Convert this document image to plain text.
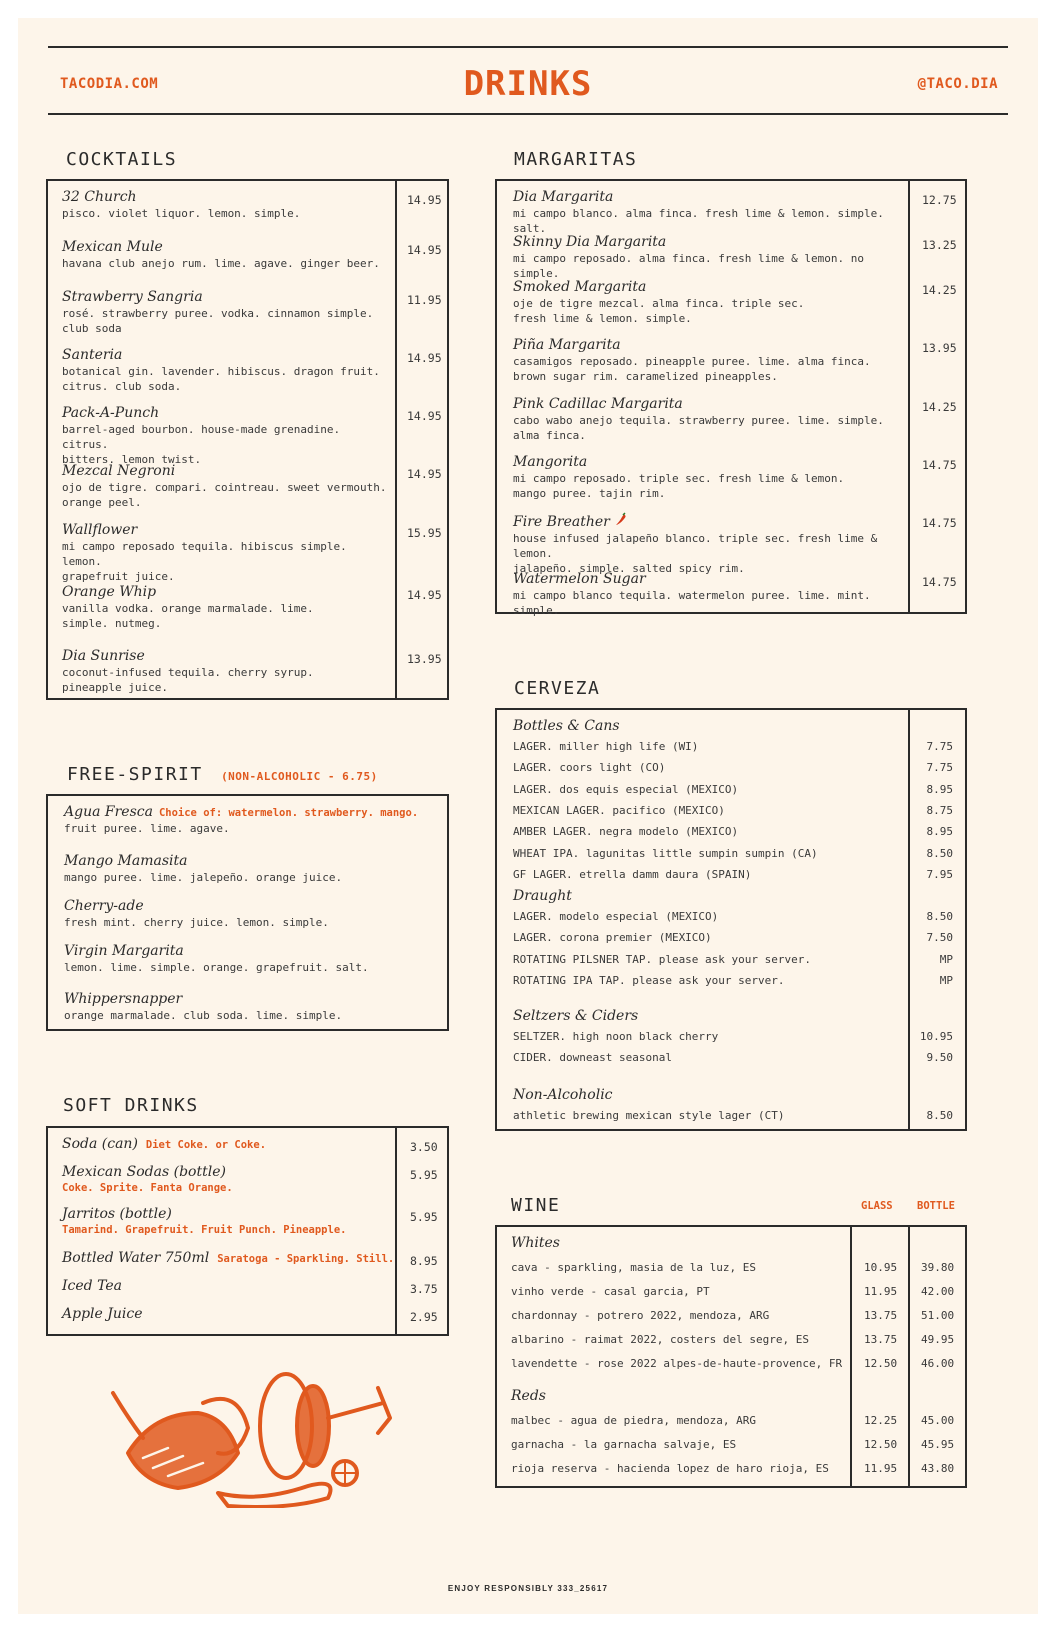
TACODIA.COM	DRINKS	@TACO.DIA
COCKTAILS
32 Church
pisco. violet liquor. lemon. simple.
14.95
Mexican Mule
havana club anejo rum. lime. agave. ginger beer.
14.95
Strawberry Sangria
rosé. strawberry puree. vodka. cinnamon simple.
club soda
11.95
Santeria
botanical gin. lavender. hibiscus. dragon fruit.
citrus. club soda.
14.95
Pack-A-Punch
barrel-aged bourbon. house-made grenadine. citrus.
bitters. lemon twist.
14.95
Mezcal Negroni
ojo de tigre. compari. cointreau. sweet vermouth.
orange peel.
14.95
Wallflower
mi campo reposado tequila. hibiscus simple. lemon.
grapefruit juice.
15.95
Orange Whip
vanilla vodka. orange marmalade. lime.
simple. nutmeg.
14.95
Dia Sunrise
coconut-infused tequila. cherry syrup.
pineapple juice.
13.95
MARGARITAS
Dia Margarita
mi campo blanco. alma finca. fresh lime & lemon. simple. salt.
12.75
Skinny Dia Margarita
mi campo reposado. alma finca. fresh lime & lemon. no simple.
13.25
Smoked Margarita
oje de tigre mezcal. alma finca. triple sec.
fresh lime & lemon. simple.
14.25
Piña Margarita
casamigos reposado. pineapple puree. lime. alma finca.
brown sugar rim. caramelized pineapples.
13.95
Pink Cadillac Margarita
cabo wabo anejo tequila. strawberry puree. lime. simple.
alma finca.
14.25
Mangorita
mi campo reposado. triple sec. fresh lime & lemon.
mango puree. tajin rim.
14.75
Fire Breather
house infused jalapeño blanco. triple sec. fresh lime & lemon.
jalapeño. simple. salted spicy rim.
14.75
Watermelon Sugar
mi campo blanco tequila. watermelon puree. lime. mint. simple.
14.75
FREE-SPIRIT (NON-ALCOHOLIC - 6.75)
Agua Fresca Choice of: watermelon. strawberry. mango.
fruit puree. lime. agave.
Mango Mamasita
mango puree. lime. jalepeño. orange juice.
Cherry-ade
fresh mint. cherry juice. lemon. simple.
Virgin Margarita
lemon. lime. simple. orange. grapefruit. salt.
Whippersnapper
orange marmalade. club soda. lime. simple.
SOFT DRINKS
Soda (can) Diet Coke. or Coke.	3.50
Mexican Sodas (bottle)
Coke. Sprite. Fanta Orange.
5.95
Jarritos (bottle)
Tamarind. Grapefruit. Fruit Punch. Pineapple.
5.95
Bottled Water 750ml Saratoga - Sparkling. Still. 8.95
Iced Tea	3.75
Apple Juice	2.95
CERVEZA
Bottles & Cans
LAGER. miller high life (WI)	7.75
LAGER. coors light (CO)	7.75
LAGER. dos equis especial (MEXICO)	8.95
MEXICAN LAGER. pacifico (MEXICO)	8.75
AMBER LAGER. negra modelo (MEXICO)	8.95
WHEAT IPA. lagunitas little sumpin sumpin (CA)	8.50
GF LAGER. etrella damm daura (SPAIN)	7.95
Draught
LAGER. modelo especial (MEXICO)	8.50
LAGER. corona premier (MEXICO)	7.50
ROTATING PILSNER TAP. please ask your server.	MP
ROTATING IPA TAP. please ask your server.	MP
Seltzers & Ciders
SELTZER. high noon black cherry	10.95
CIDER. downeast seasonal	9.50
Non-Alcoholic
athletic brewing mexican style lager (CT)	8.50
WINE	GLASS BOTTLE
Whites
cava - sparkling, masia de la luz, ES	10.95 39.80
vinho verde - casal garcia, PT	11.95 42.00
chardonnay - potrero 2022, mendoza, ARG	13.75 51.00
albarino - raimat 2022, costers del segre, ES	13.75 49.95
lavendette - rose 2022 alpes-de-haute-provence, FR 12.50 46.00
Reds
malbec - agua de piedra, mendoza, ARG	12.25 45.00
garnacha - la garnacha salvaje, ES	12.50 45.95
rioja reserva - hacienda lopez de haro rioja, ES	11.95 43.80
ENJOY RESPONSIBLY 333_25617
